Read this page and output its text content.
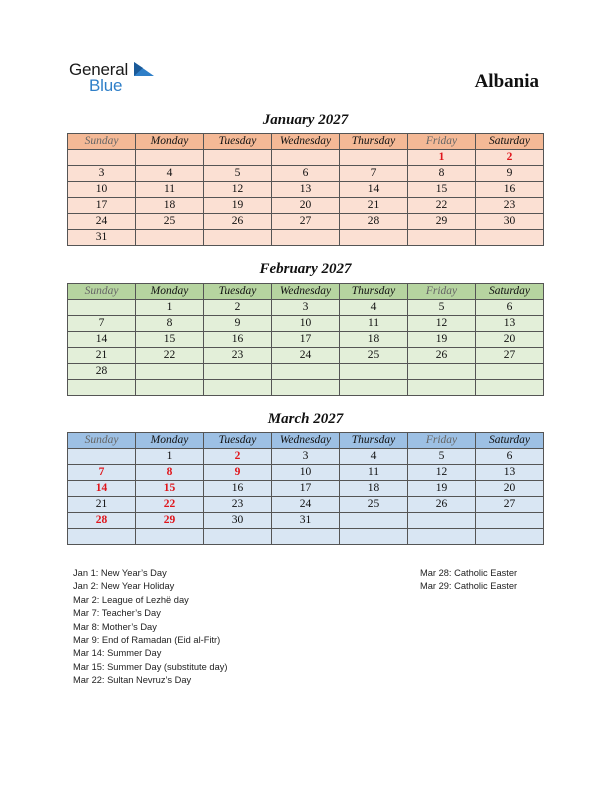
General
Blue	Albania
January 2027
Sunday	Monday	Tuesday	Wednesday	Thursday	Friday	Saturday
					1	2
3	4	5	6	7	8	9
10	11	12	13	14	15	16
17	18	19	20	21	22	23
24	25	26	27	28	29	30
31						
February 2027
Sunday	Monday	Tuesday	Wednesday	Thursday	Friday	Saturday
	1	2	3	4	5	6
7	8	9	10	11	12	13
14	15	16	17	18	19	20
21	22	23	24	25	26	27
28						

March 2027
Sunday	Monday	Tuesday	Wednesday	Thursday	Friday	Saturday
	1	2	3	4	5	6
7	8	9	10	11	12	13
14	15	16	17	18	19	20
21	22	23	24	25	26	27
28	29	30	31			

Jan 1: New Year’s Day
Jan 2: New Year Holiday
Mar 2: League of Lezhë day
Mar 7: Teacher’s Day
Mar 8: Mother’s Day
Mar 9: End of Ramadan (Eid al-Fitr)
Mar 14: Summer Day
Mar 15: Summer Day (substitute day)
Mar 22: Sultan Nevruz’s Day
Mar 28: Catholic Easter
Mar 29: Catholic Easter
